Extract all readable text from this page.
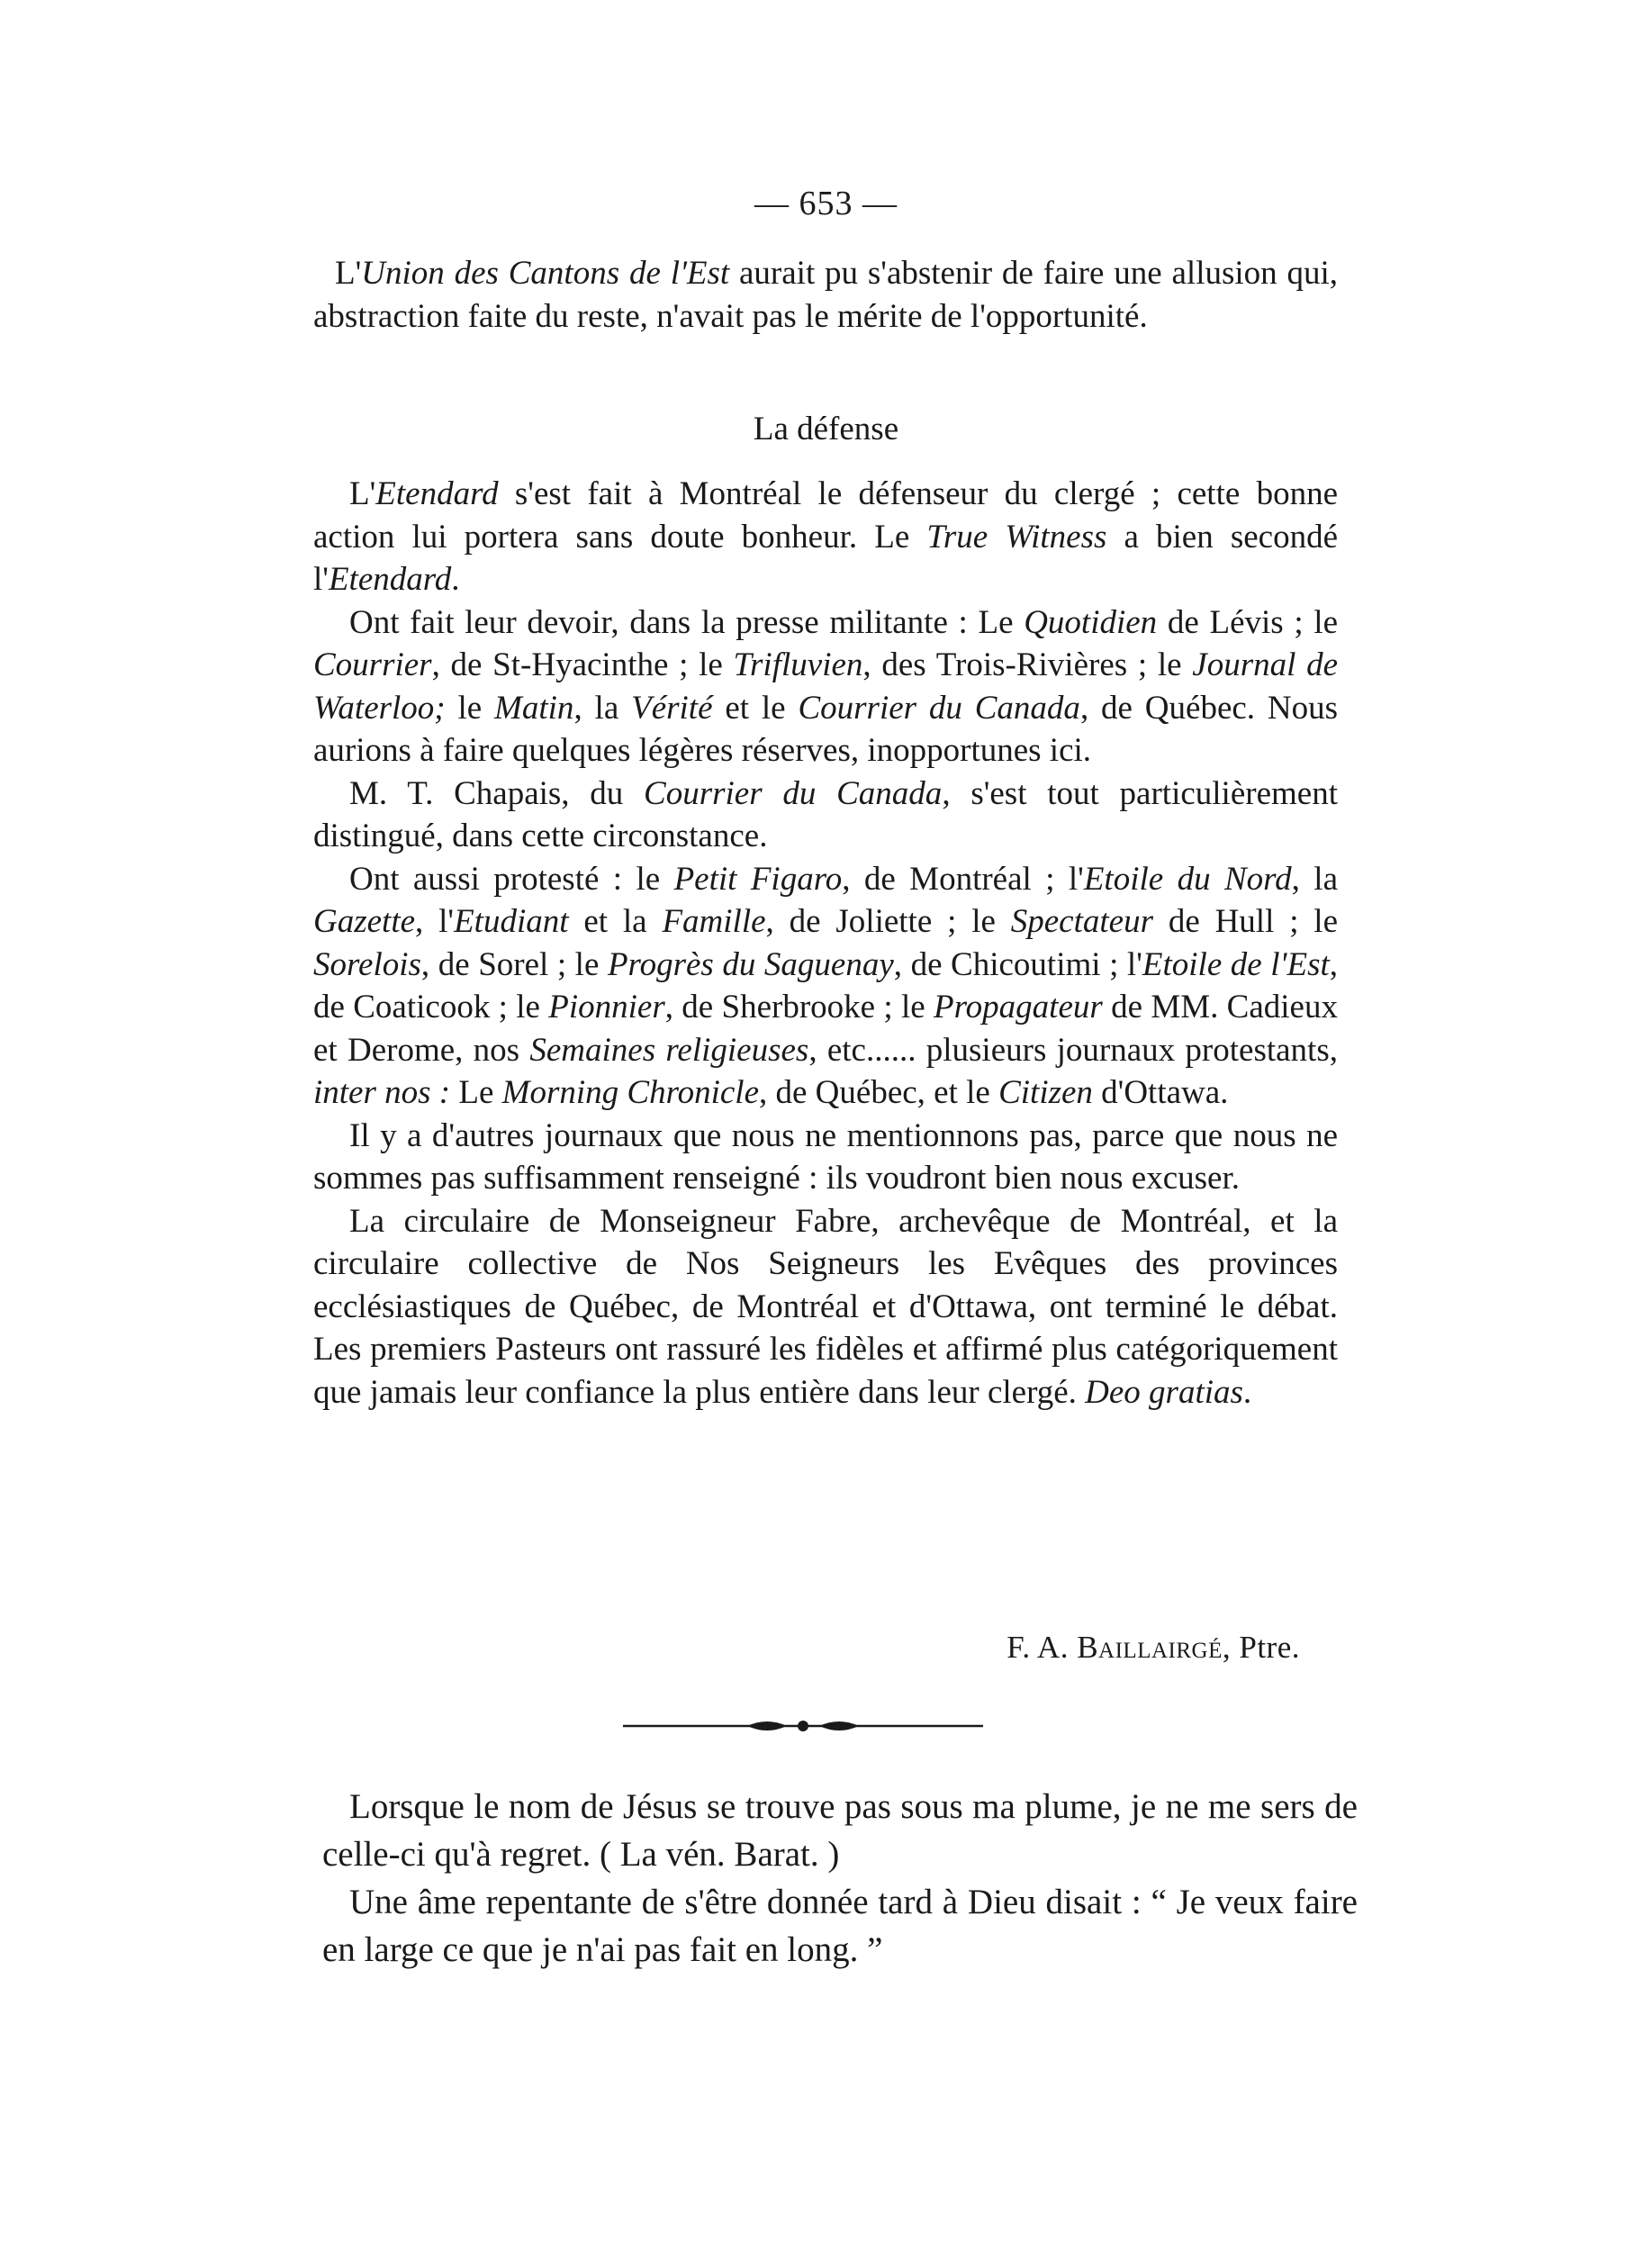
— 653 —

L'Union des Cantons de l'Est aurait pu s'abstenir de faire une allusion qui, abstraction faite du reste, n'avait pas le mérite de l'opportunité.

La défense

L'Etendard s'est fait à Montréal le défenseur du clergé ; cette bonne action lui portera sans doute bonheur. Le True Witness a bien secondé l'Etendard.

Ont fait leur devoir, dans la presse militante : Le Quotidien de Lévis ; le Courrier, de St-Hyacinthe ; le Trifluvien, des Trois-Rivières ; le Journal de Waterloo; le Matin, la Vérité et le Courrier du Canada, de Québec. Nous aurions à faire quelques légères réserves, inopportunes ici.

M. T. Chapais, du Courrier du Canada, s'est tout particulièrement distingué, dans cette circonstance.

Ont aussi protesté : le Petit Figaro, de Montréal ; l'Etoile du Nord, la Gazette, l'Etudiant et la Famille, de Joliette ; le Spectateur de Hull ; le Sorelois, de Sorel ; le Progrès du Saguenay, de Chicoutimi ; l'Etoile de l'Est, de Coaticook ; le Pionnier, de Sherbrooke ; le Propagateur de MM. Cadieux et Derome, nos Semaines religieuses, etc...... plusieurs journaux protestants, inter nos : Le Morning Chronicle, de Québec, et le Citizen d'Ottawa.

Il y a d'autres journaux que nous ne mentionnons pas, parce que nous ne sommes pas suffisamment renseigné : ils voudront bien nous excuser.

La circulaire de Monseigneur Fabre, archevêque de Montréal, et la circulaire collective de Nos Seigneurs les Evêques des provinces ecclésiastiques de Québec, de Montréal et d'Ottawa, ont terminé le débat. Les premiers Pasteurs ont rassuré les fidèles et affirmé plus catégoriquement que jamais leur confiance la plus entière dans leur clergé. Deo gratias.

F. A. Baillairgé, Ptre.

Lorsque le nom de Jésus se trouve pas sous ma plume, je ne me sers de celle-ci qu'à regret. ( La vén. Barat. )

Une âme repentante de s'être donnée tard à Dieu disait : “ Je veux faire en large ce que je n'ai pas fait en long. ”
